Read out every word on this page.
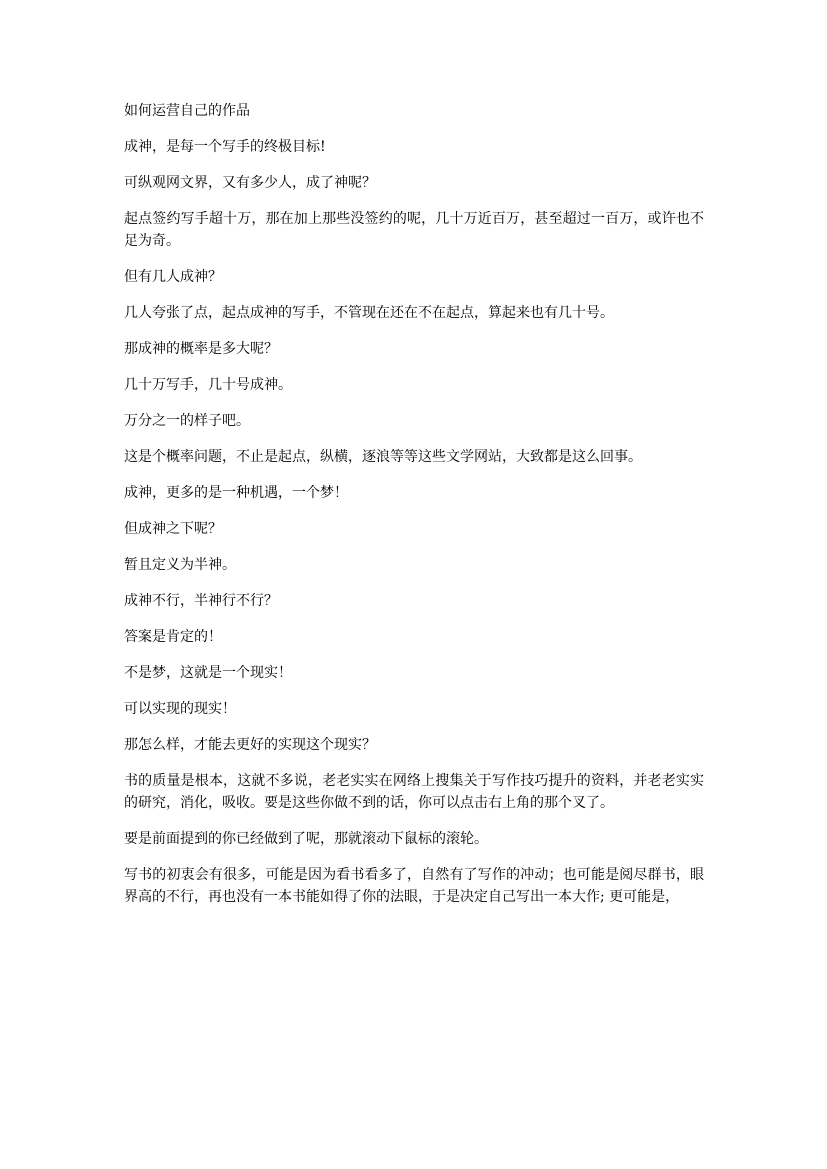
如何运营自己的作品

成神，是每一个写手的终极目标!

可纵观网文界，又有多少人，成了神呢？

起点签约写手超十万，那在加上那些没签约的呢，几十万近百万，甚至超过一百万，或许也不足为奇。

但有几人成神？

几人夸张了点，起点成神的写手，不管现在还在不在起点，算起来也有几十号。

那成神的概率是多大呢？

几十万写手，几十号成神。

万分之一的样子吧。

这是个概率问题，不止是起点，纵横，逐浪等等这些文学网站，大致都是这么回事。

成神，更多的是一种机遇，一个梦！

但成神之下呢？

暂且定义为半神。

成神不行，半神行不行？

答案是肯定的！

不是梦，这就是一个现实！

可以实现的现实！

那怎么样，才能去更好的实现这个现实？

书的质量是根本，这就不多说，老老实实在网络上搜集关于写作技巧提升的资料，并老老实实的研究，消化，吸收。要是这些你做不到的话，你可以点击右上角的那个叉了。

要是前面提到的你已经做到了呢，那就滚动下鼠标的滚轮。

写书的初衷会有很多，可能是因为看书看多了，自然有了写作的冲动；也可能是阅尽群书，眼界高的不行，再也没有一本书能如得了你的法眼，于是决定自己写出一本大作; 更可能是，
